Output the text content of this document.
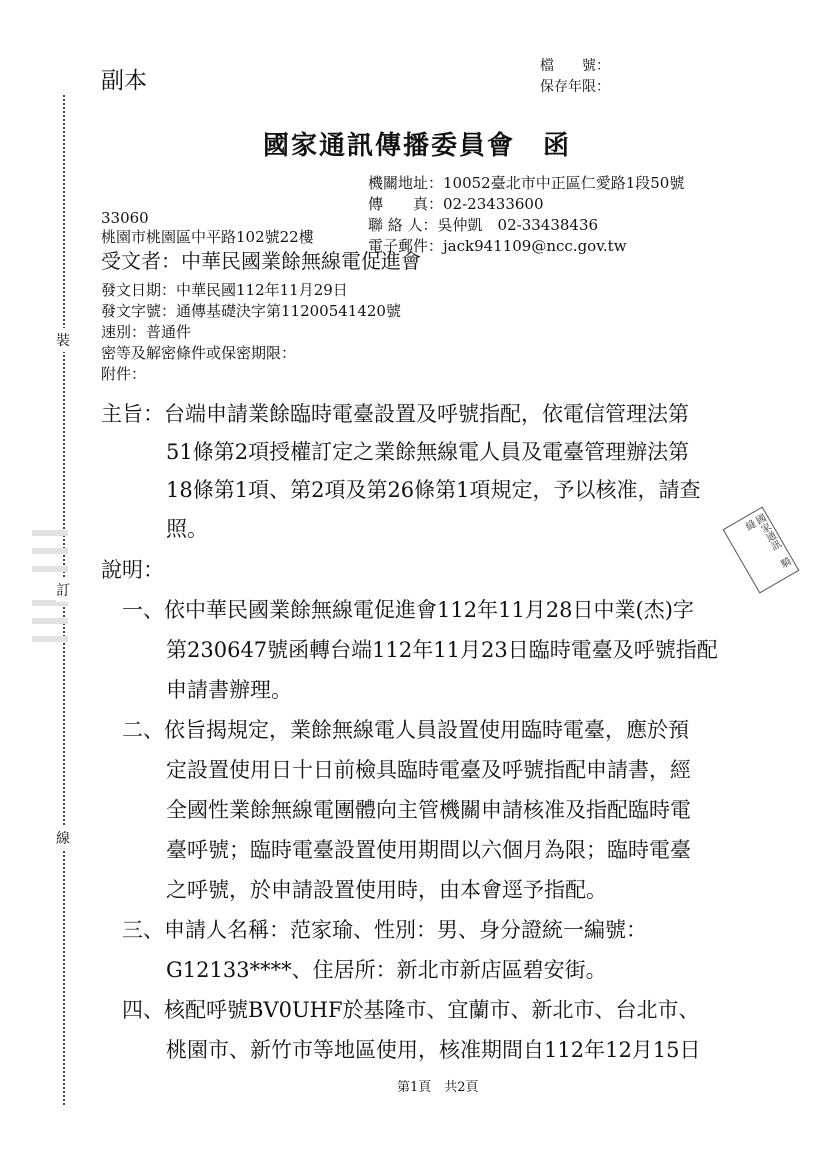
裝
訂
線
副本
檔　　號：
保存年限：
國家通訊傳播委員會　函
機關地址：10052臺北市中正區仁愛路1段50號
傳　　真：02-23433600
聯 絡 人：吳仲凱　02-33438436
電子郵件：jack941109@ncc.gov.tw
33060
桃園市桃園區中平路102號22樓
受文者：中華民國業餘無線電促進會
發文日期：中華民國112年11月29日
發文字號：通傳基礎決字第11200541420號
速別：普通件
密等及解密條件或保密期限：
附件：
主旨：台端申請業餘臨時電臺設置及呼號指配，依電信管理法第
51條第2項授權訂定之業餘無線電人員及電臺管理辦法第
18條第1項、第2項及第26條第1項規定，予以核准，請查
照。
說明：
一、依中華民國業餘無線電促進會112年11月28日中業(杰)字
第230647號函轉台端112年11月23日臨時電臺及呼號指配
申請書辦理。
二、依旨揭規定，業餘無線電人員設置使用臨時電臺，應於預
定設置使用日十日前檢具臨時電臺及呼號指配申請書，經
全國性業餘無線電團體向主管機關申請核准及指配臨時電
臺呼號；臨時電臺設置使用期間以六個月為限；臨時電臺
之呼號，於申請設置使用時，由本會逕予指配。
三、申請人名稱：范家瑜、性別：男、身分證統一編號：
G12133****、住居所：新北市新店區碧安街。
四、核配呼號BV0UHF於基隆市、宜蘭市、新北市、台北市、
桃園市、新竹市等地區使用，核准期間自112年12月15日
國家通訊　騎縫
第1頁　共2頁
